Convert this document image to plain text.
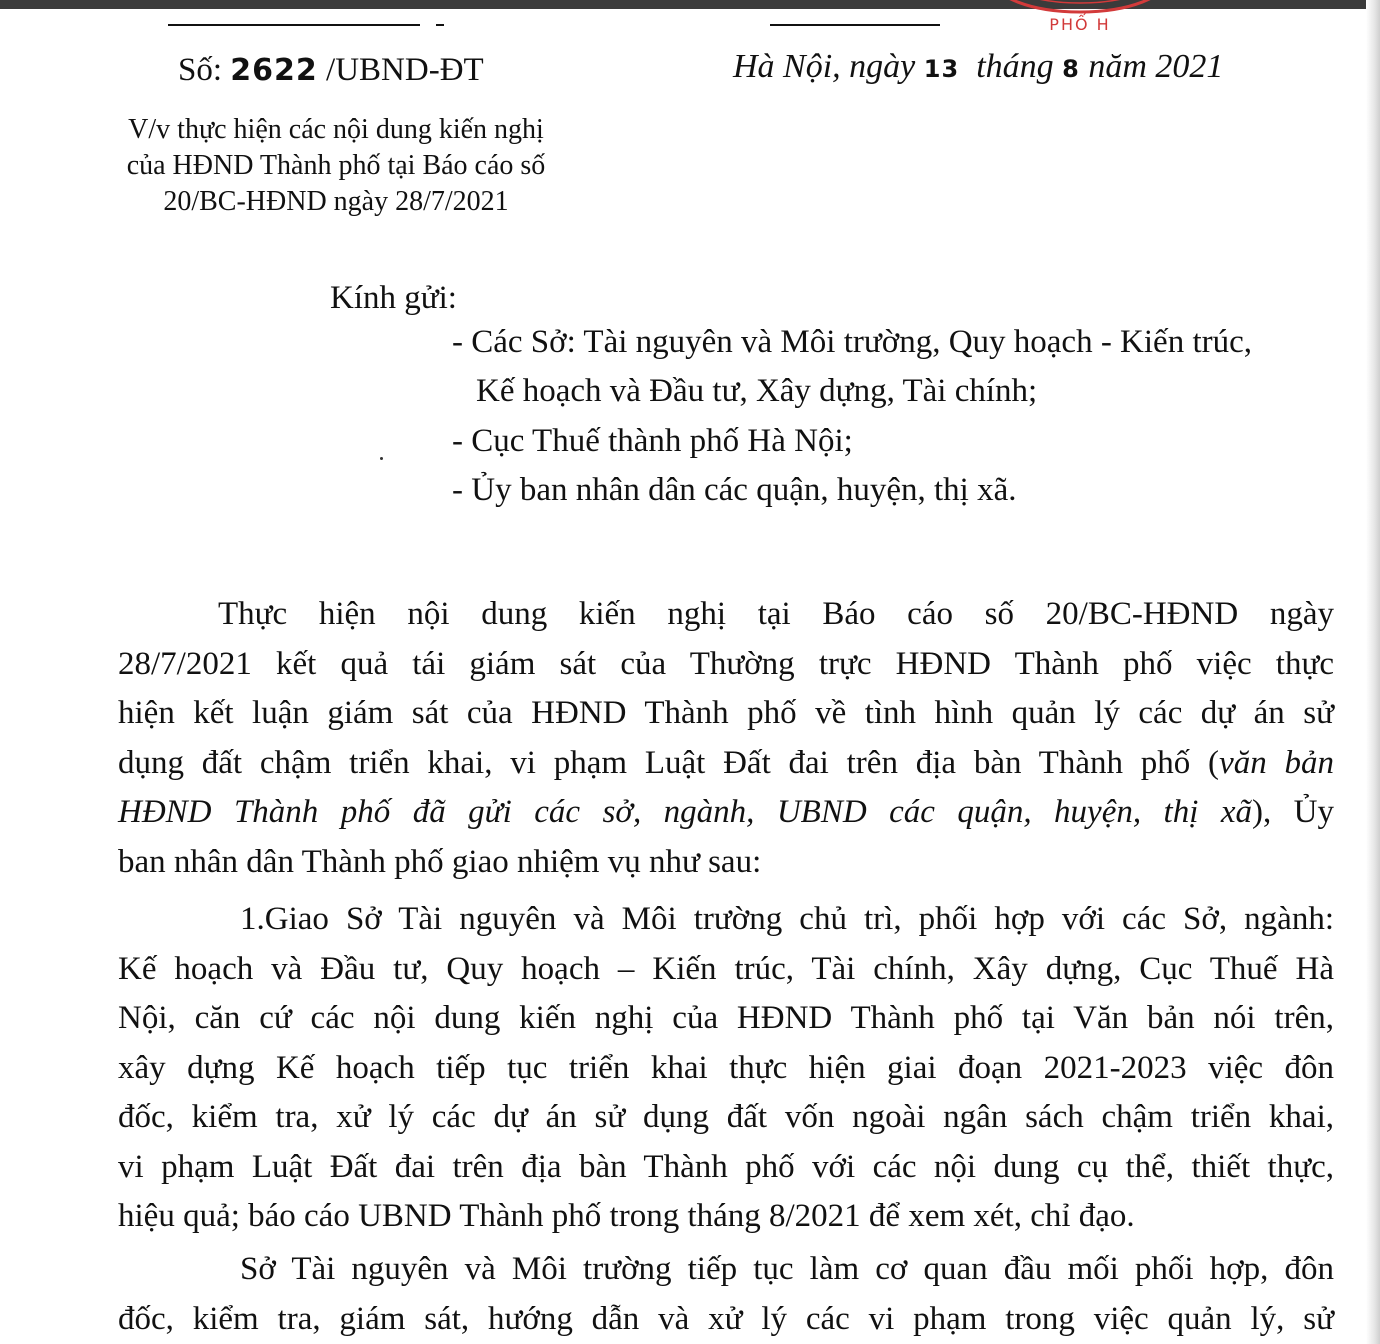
PHỐ H
Số: 2622 /UBND-ĐT	Hà Nội, ngày 13 tháng 8 năm 2021
V/v thực hiện các nội dung kiến nghị
của HĐND Thành phố tại Báo cáo số
20/BC-HĐND ngày 28/7/2021
Kính gửi:
- Các Sở: Tài nguyên và Môi trường, Quy hoạch - Kiến trúc,
Kế hoạch và Đầu tư, Xây dựng, Tài chính;
- Cục Thuế thành phố Hà Nội;
- Ủy ban nhân dân các quận, huyện, thị xã.
Thực hiện nội dung kiến nghị tại Báo cáo số 20/BC-HĐND ngày
28/7/2021 kết quả tái giám sát của Thường trực HĐND Thành phố việc thực
hiện kết luận giám sát của HĐND Thành phố về tình hình quản lý các dự án sử
dụng đất chậm triển khai, vi phạm Luật Đất đai trên địa bàn Thành phố (văn bản
HĐND Thành phố đã gửi các sở, ngành, UBND các quận, huyện, thị xã), Ủy
ban nhân dân Thành phố giao nhiệm vụ như sau:
1.Giao Sở Tài nguyên và Môi trường chủ trì, phối hợp với các Sở, ngành:
Kế hoạch và Đầu tư, Quy hoạch – Kiến trúc, Tài chính, Xây dựng, Cục Thuế Hà
Nội, căn cứ các nội dung kiến nghị của HĐND Thành phố tại Văn bản nói trên,
xây dựng Kế hoạch tiếp tục triển khai thực hiện giai đoạn 2021-2023 việc đôn
đốc, kiểm tra, xử lý các dự án sử dụng đất vốn ngoài ngân sách chậm triển khai,
vi phạm Luật Đất đai trên địa bàn Thành phố với các nội dung cụ thể, thiết thực,
hiệu quả; báo cáo UBND Thành phố trong tháng 8/2021 để xem xét, chỉ đạo.
Sở Tài nguyên và Môi trường tiếp tục làm cơ quan đầu mối phối hợp, đôn
đốc, kiểm tra, giám sát, hướng dẫn và xử lý các vi phạm trong việc quản lý, sử
